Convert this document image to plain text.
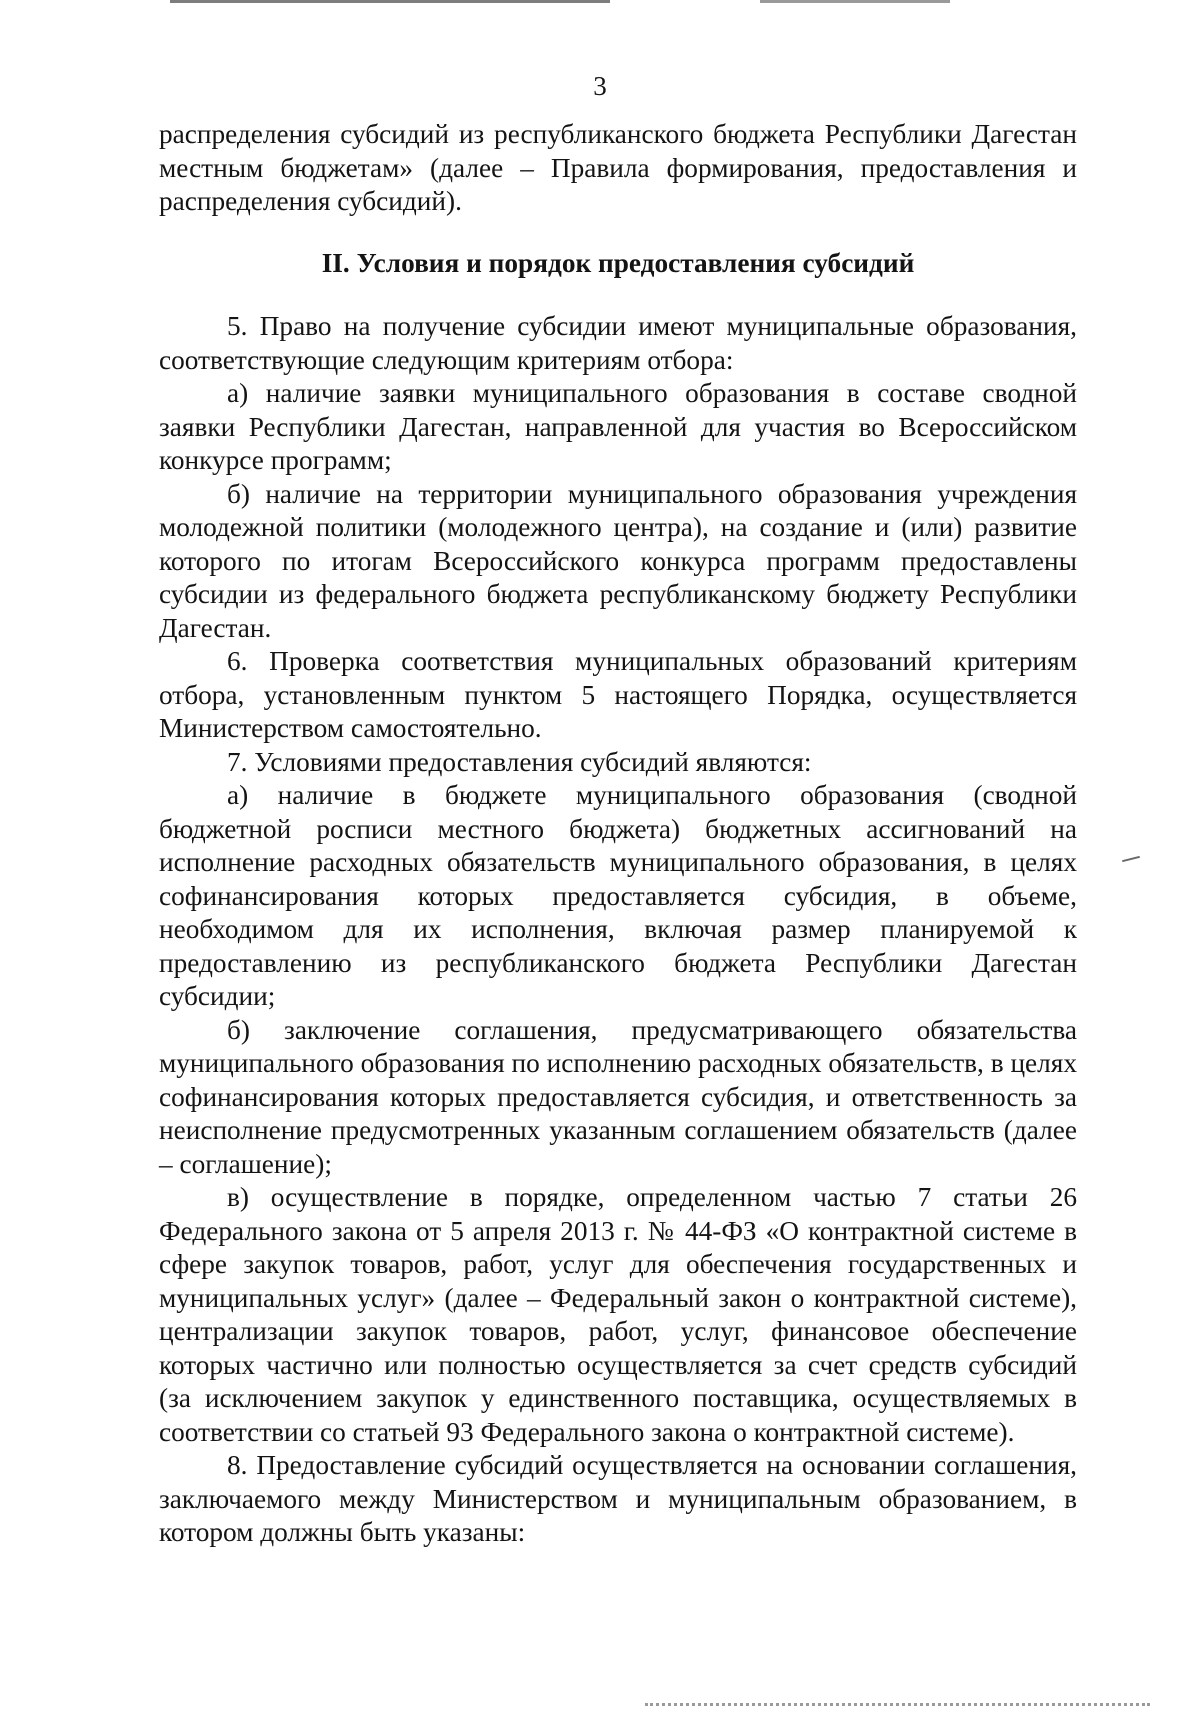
3

распределения субсидий из республиканского бюджета Республики Дагестан местным бюджетам» (далее – Правила формирования, предоставления и распределения субсидий).

II. Условия и порядок предоставления субсидий

5. Право на получение субсидии имеют муниципальные образования, соответствующие следующим критериям отбора:

а) наличие заявки муниципального образования в составе сводной заявки Республики Дагестан, направленной для участия во Всероссийском конкурсе программ;

б) наличие на территории муниципального образования учреждения молодежной политики (молодежного центра), на создание и (или) развитие которого по итогам Всероссийского конкурса программ предоставлены субсидии из федерального бюджета республиканскому бюджету Республики Дагестан.

6. Проверка соответствия муниципальных образований критериям отбора, установленным пунктом 5 настоящего Порядка, осуществляется Министерством самостоятельно.

7. Условиями предоставления субсидий являются:

а) наличие в бюджете муниципального образования (сводной бюджетной росписи местного бюджета) бюджетных ассигнований на исполнение расходных обязательств муниципального образования, в целях софинансирования которых предоставляется субсидия, в объеме, необходимом для их исполнения, включая размер планируемой к предоставлению из республиканского бюджета Республики Дагестан субсидии;

б) заключение соглашения, предусматривающего обязательства муниципального образования по исполнению расходных обязательств, в целях софинансирования которых предоставляется субсидия, и ответственность за неисполнение предусмотренных указанным соглашением обязательств (далее – соглашение);

в) осуществление в порядке, определенном частью 7 статьи 26 Федерального закона от 5 апреля 2013 г. № 44-ФЗ «О контрактной системе в сфере закупок товаров, работ, услуг для обеспечения государственных и муниципальных услуг» (далее – Федеральный закон о контрактной системе), централизации закупок товаров, работ, услуг, финансовое обеспечение которых частично или полностью осуществляется за счет средств субсидий (за исключением закупок у единственного поставщика, осуществляемых в соответствии со статьей 93 Федерального закона о контрактной системе).

8. Предоставление субсидий осуществляется на основании соглашения, заключаемого между Министерством и муниципальным образованием, в котором должны быть указаны:
